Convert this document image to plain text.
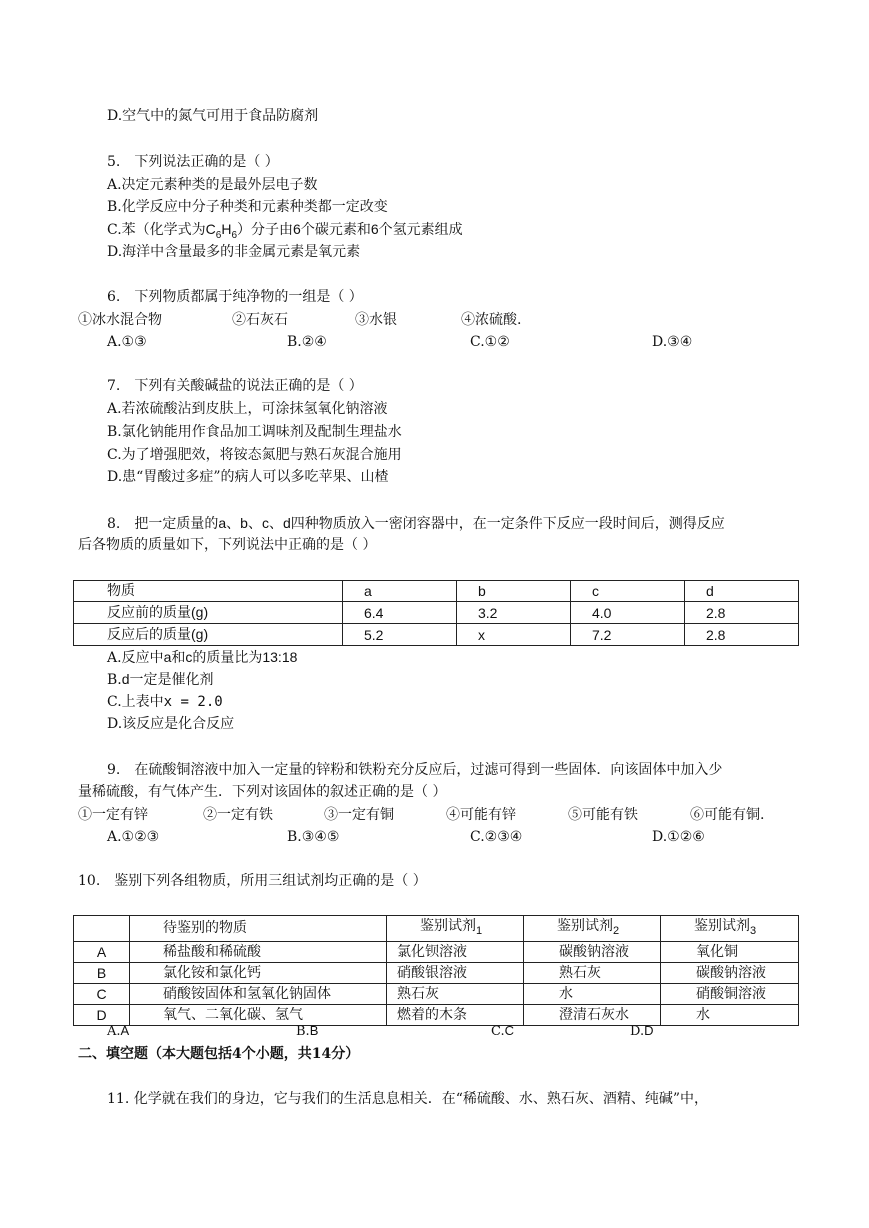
D.空气中的氮气可用于食品防腐剂
5.　下列说法正确的是（ ）
A.决定元素种类的是最外层电子数
B.化学反应中分子种类和元素种类都一定改变
C.苯（化学式为$C_6H_6$）分子由6个碳元素和6个氢元素组成
D.海洋中含量最多的非金属元素是氧元素
6.　下列物质都属于纯净物的一组是（ ）
①冰水混合物	②石灰石	③水银	④浓硫酸.
A.①③	B.②④	C.①②	D.③④
7.　下列有关酸碱盐的说法正确的是（ ）
A.若浓硫酸沾到皮肤上，可涂抹氢氧化钠溶液
B.氯化钠能用作食品加工调味剂及配制生理盐水
C.为了增强肥效，将铵态氮肥与熟石灰混合施用
D.患“胃酸过多症”的病人可以多吃苹果、山楂
8.　把一定质量的a、b、c、d四种物质放入一密闭容器中，在一定条件下反应一段时间后，测得反应
后各物质的质量如下，下列说法中正确的是（ ）
物质	a	b	c	d
反应前的质量(g)	6.4	3.2	4.0	2.8
反应后的质量(g)	5.2	x	7.2	2.8
A.反应中a和c的质量比为13:18
B.d一定是催化剂
C.上表中x = 2.0
D.该反应是化合反应
9.　在硫酸铜溶液中加入一定量的锌粉和铁粉充分反应后，过滤可得到一些固体．向该固体中加入少
量稀硫酸，有气体产生．下列对该固体的叙述正确的是（ ）
①一定有锌	②一定有铁	③一定有铜	④可能有锌	⑤可能有铁	⑥可能有铜.
A.①②③	B.③④⑤	C.②③④	D.①②⑥
10.　鉴别下列各组物质，所用三组试剂均正确的是（ ）
	待鉴别的物质	鉴别试剂$_1$	鉴别试剂$_2$	鉴别试剂$_3$
A	稀盐酸和稀硫酸	氯化钡溶液	碳酸钠溶液	氧化铜
B	氯化铵和氯化钙	硝酸银溶液	熟石灰	碳酸钠溶液
C	硝酸铵固体和氢氧化钠固体	熟石灰	水	硝酸铜溶液
D	氧气、二氧化碳、氢气	燃着的木条	澄清石灰水	水
A.A	B.B	C.C	D.D
二、填空题（本大题包括4个小题，共14分）
11. 化学就在我们的身边，它与我们的生活息息相关．在“稀硫酸、水、熟石灰、酒精、纯碱”中，
